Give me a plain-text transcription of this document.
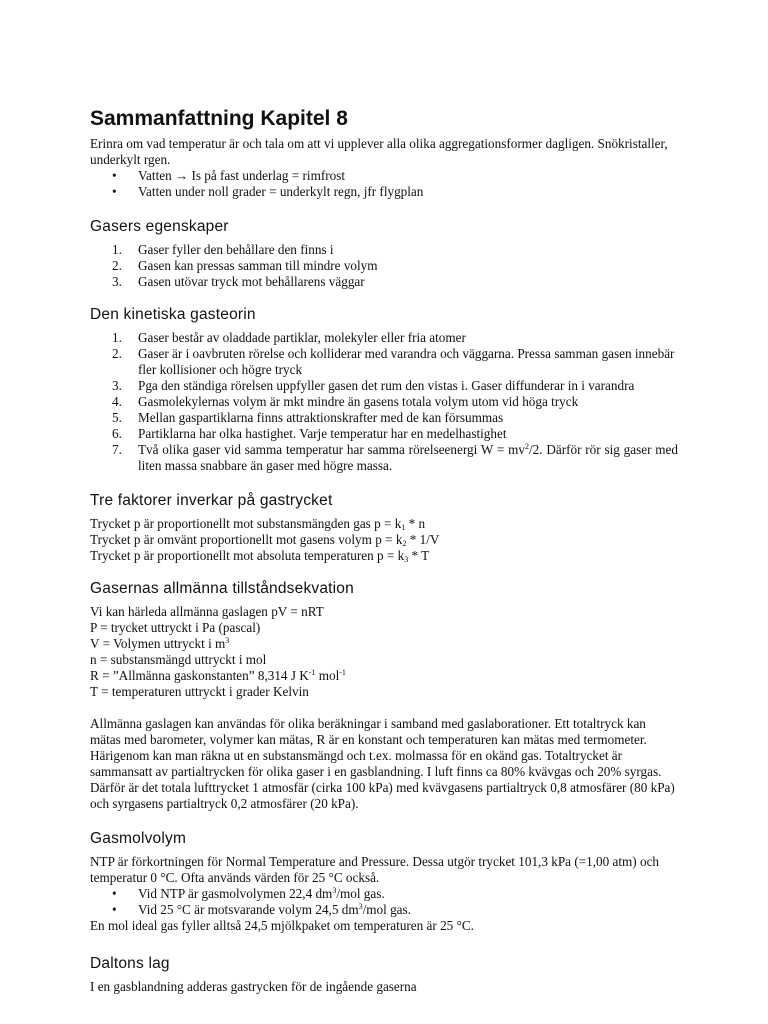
Sammanfattning Kapitel 8

Erinra om vad temperatur är och tala om att vi upplever alla olika aggregationsformer dagligen. Snökristaller, underkylt rgen.

•	Vatten → Is på fast underlag = rimfrost
•	Vatten under noll grader = underkylt regn, jfr flygplan
Gasers egenskaper
1.	Gaser fyller den behållare den finns i
2.	Gasen kan pressas samman till mindre volym
3.	Gasen utövar tryck mot behållarens väggar
Den kinetiska gasteorin
1.	Gaser består av oladdade partiklar, molekyler eller fria atomer
2.	Gaser är i oavbruten rörelse och kolliderar med varandra och väggarna. Pressa samman gasen innebär fler kollisioner och högre tryck
3.	Pga den ständiga rörelsen uppfyller gasen det rum den vistas i. Gaser diffunderar in i varandra
4.	Gasmolekylernas volym är mkt mindre än gasens totala volym utom vid höga tryck
5.	Mellan gaspartiklarna finns attraktionskrafter med de kan försummas
6.	Partiklarna har olka hastighet. Varje temperatur har en medelhastighet
7.	Två olika gaser vid samma temperatur har samma rörelseenergi $W = mv^2/2$. Därför rör sig gaser med liten massa snabbare än gaser med högre massa.
Tre faktorer inverkar på gastrycket

Trycket p är proportionellt mot substansmängden gas $p = k_1 * n$

Trycket p är omvänt proportionellt mot gasens volym $p = k_2 * 1/V$

Trycket p är proportionellt mot absoluta temperaturen $p = k_3 * T$

Gasernas allmänna tillståndsekvation

Vi kan härleda allmänna gaslagen pV = nRT

P = trycket uttryckt i Pa (pascal)

V = Volymen uttryckt i $m^3$

n = substansmängd uttryckt i mol

R = ”Allmänna gaskonstanten” 8,314 J $K^{-1}$ mol$^{-1}$

T = temperaturen uttryckt i grader Kelvin

Allmänna gaslagen kan användas för olika beräkningar i samband med gaslaborationer. Ett totaltryck kan mätas med barometer, volymer kan mätas, R är en konstant och temperaturen kan mätas med termometer. Härigenom kan man räkna ut en substansmängd och t.ex. molmassa för en okänd gas. Totaltrycket är sammansatt av partialtrycken för olika gaser i en gasblandning. I luft finns ca 80% kvävgas och 20% syrgas. Därför är det totala lufttrycket 1 atmosfär (cirka 100 kPa) med kvävgasens partialtryck 0,8 atmosfärer (80 kPa) och syrgasens partialtryck 0,2 atmosfärer (20 kPa).

Gasmolvolym

NTP är förkortningen för Normal Temperature and Pressure. Dessa utgör trycket 101,3 kPa (=1,00 atm) och temperatur 0 °C. Ofta används värden för 25 °C också.

•	Vid NTP är gasmolvolymen 22,4 $dm^3$/mol gas.
•	Vid 25 °C är motsvarande volym 24,5 $dm^3$/mol gas.

En mol ideal gas fyller alltså 24,5 mjölkpaket om temperaturen är 25 °C.

Daltons lag

I en gasblandning adderas gastrycken för de ingående gaserna
